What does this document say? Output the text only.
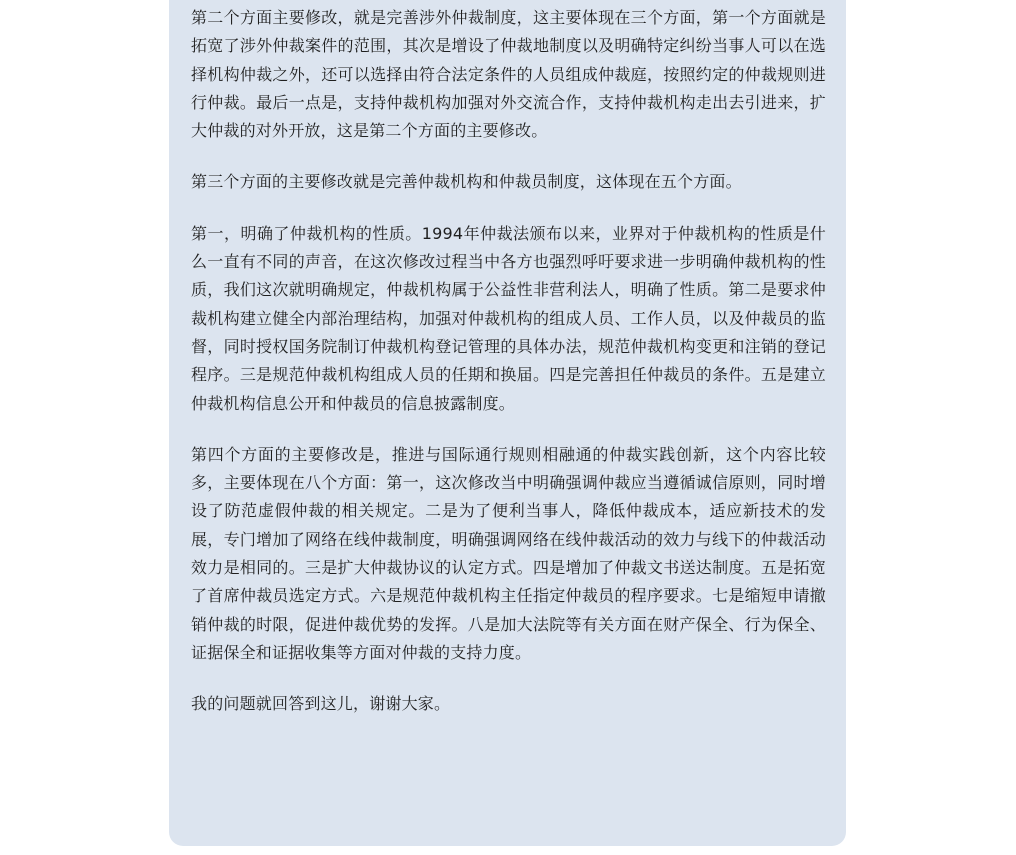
第二个方面主要修改，就是完善涉外仲裁制度，这主要体现在三个方面，第一个方面就是拓宽了涉外仲裁案件的范围，其次是增设了仲裁地制度以及明确特定纠纷当事人可以在选择机构仲裁之外，还可以选择由符合法定条件的人员组成仲裁庭，按照约定的仲裁规则进行仲裁。最后一点是，支持仲裁机构加强对外交流合作，支持仲裁机构走出去引进来，扩大仲裁的对外开放，这是第二个方面的主要修改。

第三个方面的主要修改就是完善仲裁机构和仲裁员制度，这体现在五个方面。

第一，明确了仲裁机构的性质。1994年仲裁法颁布以来，业界对于仲裁机构的性质是什么一直有不同的声音，在这次修改过程当中各方也强烈呼吁要求进一步明确仲裁机构的性质，我们这次就明确规定，仲裁机构属于公益性非营利法人，明确了性质。第二是要求仲裁机构建立健全内部治理结构，加强对仲裁机构的组成人员、工作人员，以及仲裁员的监督，同时授权国务院制订仲裁机构登记管理的具体办法，规范仲裁机构变更和注销的登记程序。三是规范仲裁机构组成人员的任期和换届。四是完善担任仲裁员的条件。五是建立仲裁机构信息公开和仲裁员的信息披露制度。

第四个方面的主要修改是，推进与国际通行规则相融通的仲裁实践创新，这个内容比较多，主要体现在八个方面：第一，这次修改当中明确强调仲裁应当遵循诚信原则，同时增设了防范虚假仲裁的相关规定。二是为了便利当事人，降低仲裁成本，适应新技术的发展，专门增加了网络在线仲裁制度，明确强调网络在线仲裁活动的效力与线下的仲裁活动效力是相同的。三是扩大仲裁协议的认定方式。四是增加了仲裁文书送达制度。五是拓宽了首席仲裁员选定方式。六是规范仲裁机构主任指定仲裁员的程序要求。七是缩短申请撤销仲裁的时限，促进仲裁优势的发挥。八是加大法院等有关方面在财产保全、行为保全、证据保全和证据收集等方面对仲裁的支持力度。

我的问题就回答到这儿，谢谢大家。
